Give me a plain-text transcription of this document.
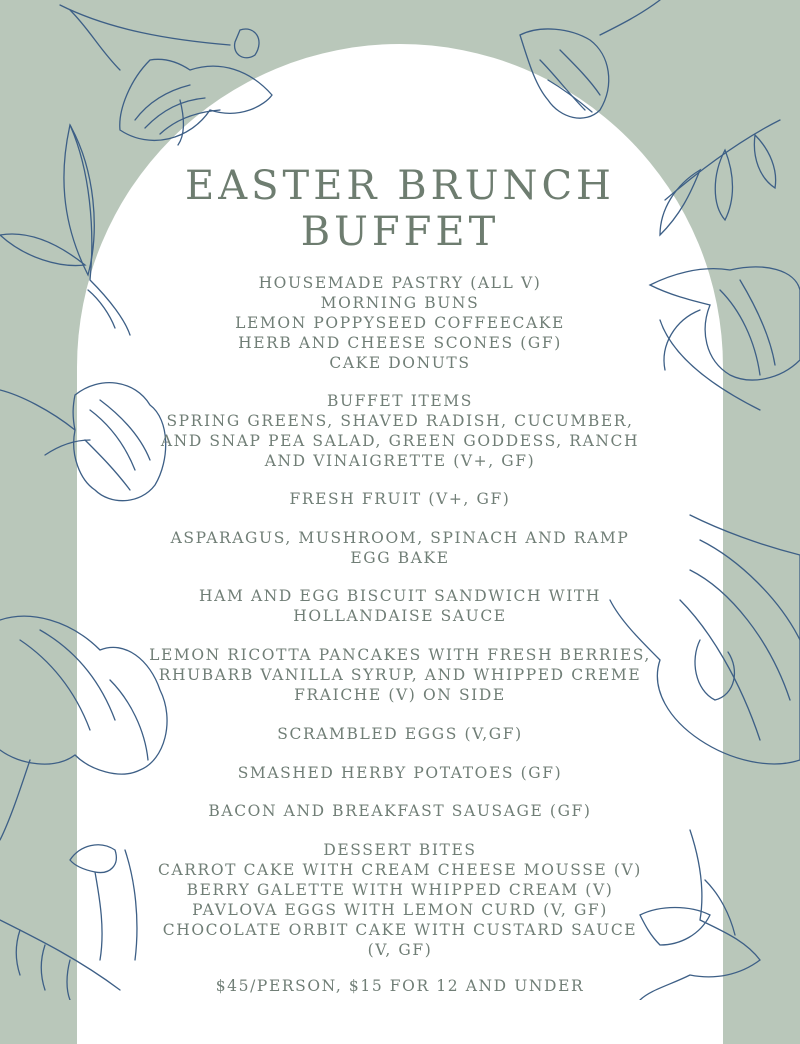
EASTER BRUNCH
BUFFET
HOUSEMADE PASTRY (ALL V)
MORNING BUNS
LEMON POPPYSEED COFFEECAKE
HERB AND CHEESE SCONES (GF)
CAKE DONUTS
BUFFET ITEMS
SPRING GREENS, SHAVED RADISH, CUCUMBER,
AND SNAP PEA SALAD, GREEN GODDESS, RANCH
AND VINAIGRETTE (V+, GF)
FRESH FRUIT (V+, GF)
ASPARAGUS, MUSHROOM, SPINACH AND RAMP
EGG BAKE
HAM AND EGG BISCUIT SANDWICH WITH
HOLLANDAISE SAUCE
LEMON RICOTTA PANCAKES WITH FRESH BERRIES,
RHUBARB VANILLA SYRUP, AND WHIPPED CREME
FRAICHE (V) ON SIDE
SCRAMBLED EGGS (V,GF)
SMASHED HERBY POTATOES (GF)
BACON AND BREAKFAST SAUSAGE (GF)
DESSERT BITES
CARROT CAKE WITH CREAM CHEESE MOUSSE (V)
BERRY GALETTE WITH WHIPPED CREAM (V)
PAVLOVA EGGS WITH LEMON CURD (V, GF)
CHOCOLATE ORBIT CAKE WITH CUSTARD SAUCE
(V, GF)
$45/PERSON, $15 FOR 12 AND UNDER
